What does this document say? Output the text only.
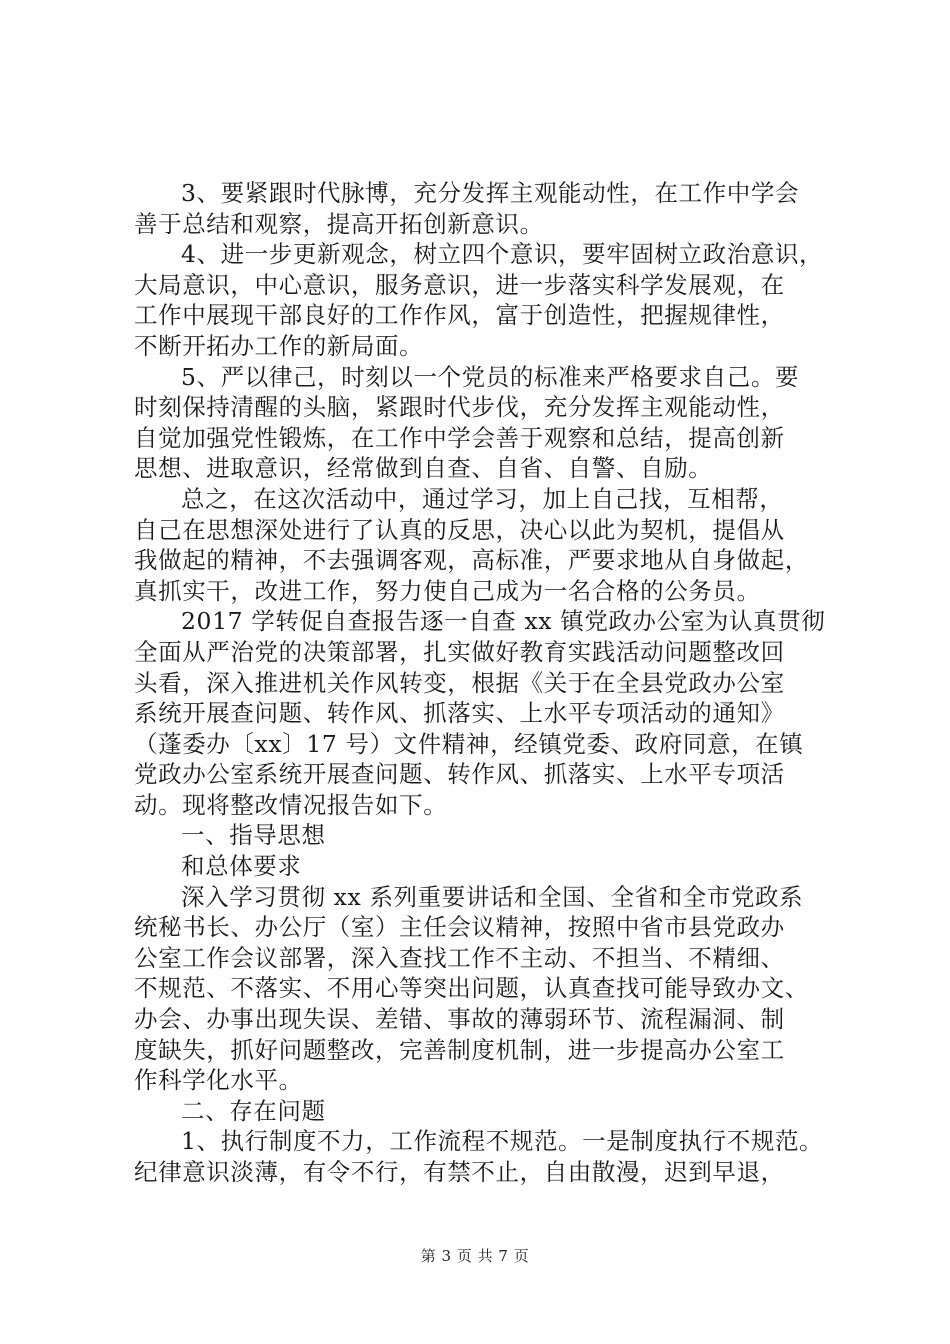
3、要紧跟时代脉博，充分发挥主观能动性，在工作中学会
善于总结和观察，提高开拓创新意识。
4、进一步更新观念，树立四个意识，要牢固树立政治意识，
大局意识，中心意识，服务意识，进一步落实科学发展观，在
工作中展现干部良好的工作作风，富于创造性，把握规律性，
不断开拓办工作的新局面。
5、严以律己，时刻以一个党员的标准来严格要求自己。要
时刻保持清醒的头脑，紧跟时代步伐，充分发挥主观能动性，
自觉加强党性锻炼，在工作中学会善于观察和总结，提高创新
思想、进取意识，经常做到自查、自省、自警、自励。
总之，在这次活动中，通过学习，加上自己找，互相帮，
自己在思想深处进行了认真的反思，决心以此为契机，提倡从
我做起的精神，不去强调客观，高标准，严要求地从自身做起，
真抓实干，改进工作，努力使自己成为一名合格的公务员。
2017 学转促自查报告逐一自查 xx 镇党政办公室为认真贯彻
全面从严治党的决策部署，扎实做好教育实践活动问题整改回
头看，深入推进机关作风转变，根据《关于在全县党政办公室
系统开展查问题、转作风、抓落实、上水平专项活动的通知》
（蓬委办〔xx〕17 号）文件精神，经镇党委、政府同意，在镇
党政办公室系统开展查问题、转作风、抓落实、上水平专项活
动。现将整改情况报告如下。
一、指导思想
和总体要求
深入学习贯彻 xx 系列重要讲话和全国、全省和全市党政系
统秘书长、办公厅（室）主任会议精神，按照中省市县党政办
公室工作会议部署，深入查找工作不主动、不担当、不精细、
不规范、不落实、不用心等突出问题，认真查找可能导致办文、
办会、办事出现失误、差错、事故的薄弱环节、流程漏洞、制
度缺失，抓好问题整改，完善制度机制，进一步提高办公室工
作科学化水平。
二、存在问题
1、执行制度不力，工作流程不规范。一是制度执行不规范。
纪律意识淡薄，有令不行，有禁不止，自由散漫，迟到早退，
第 3 页 共 7 页
